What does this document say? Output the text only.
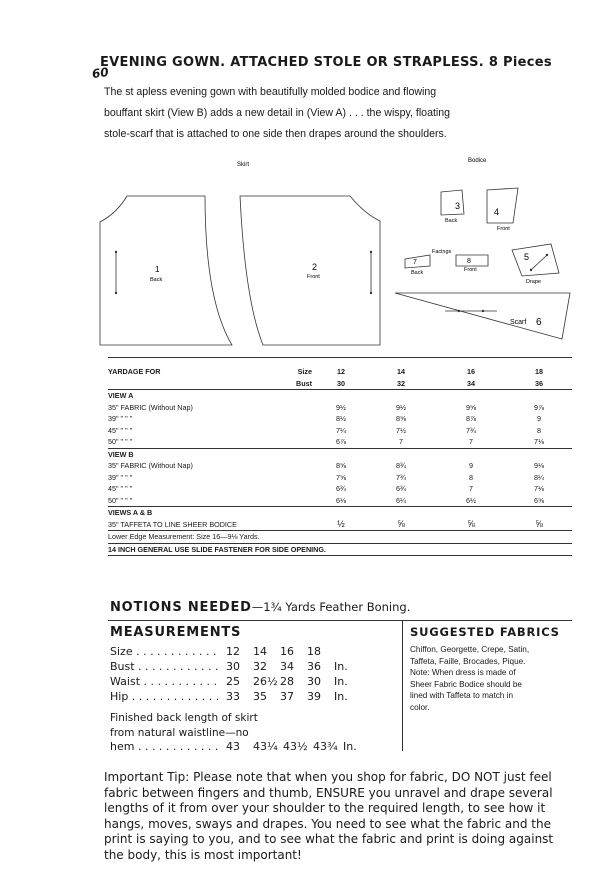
60
EVENING GOWN. ATTACHED STOLE OR STRAPLESS. 8 Pieces
The st apless evening gown with beautifully molded bodice and flowing
bouffant skirt (View B) adds a new detail in (View A) . . . the wispy, floating
stole-scarf that is attached to one side then drapes around the shoulders.
Skirt
Bodice
Facings
1
Back
2
Front
3
Back
4
Front
5
Drape
6
Scarf
7
Back
8
Front
YARDAGE FOR	Size	12	14	16	18
	Bust	30	32	34	36
VIEW A					
35" FABRIC (Without Nap)		9½	9½	9⅝	9⅞
39" " " "		8½	8⅝	8⅞	9
45" " " "		7¼	7½	7¾	8
50" " " "		6⅞	7	7	7⅛
VIEW B					
35" FABRIC (Without Nap)		8⅝	8¾	9	9⅛
39" " " "		7⅝	7¾	8	8¼
45" " " "		6¾	6¾	7	7⅛
50" " " "		6⅛	6¼	6½	6⅝
VIEWS A & B					
35" TAFFETA TO LINE SHEER BODICE		½	⅝	⅝	⅝
Lower Edge Measurement: Size 16—9⅛ Yards.					
14 INCH GENERAL USE SLIDE FASTENER FOR SIDE OPENING.					
NOTIONS NEEDED—1¾ Yards Feather Boning.
MEASUREMENTS
Size . . . . . . . . . . . . 12	14	16	18
Bust . . . . . . . . . . . . 30	32	34	36	In.
Waist . . . . . . . . . . . 25	26½ 28	30	In.
Hip . . . . . . . . . . . . . 33	35	37	39	In.
Finished back length of skirt
from natural waistline—no
hem . . . . . . . . . . . . 43	43¼ 43½ 43¾ In.
SUGGESTED FABRICS
Chiffon, Georgette, Crepe, Satin,
Taffeta, Faille, Brocades, Pique.
Note: When dress is made of
Sheer Fabric Bodice should be
lined with Taffeta to match in
color.
Important Tip: Please note that when you shop for fabric, DO NOT just feel fabric between fingers and thumb, ENSURE you unravel and drape several lengths of it from over your shoulder to the required length, to see how it hangs, moves, sways and drapes. You need to see what the fabric and the print is saying to you, and to see what the fabric and print is doing against the body, this is most important!
